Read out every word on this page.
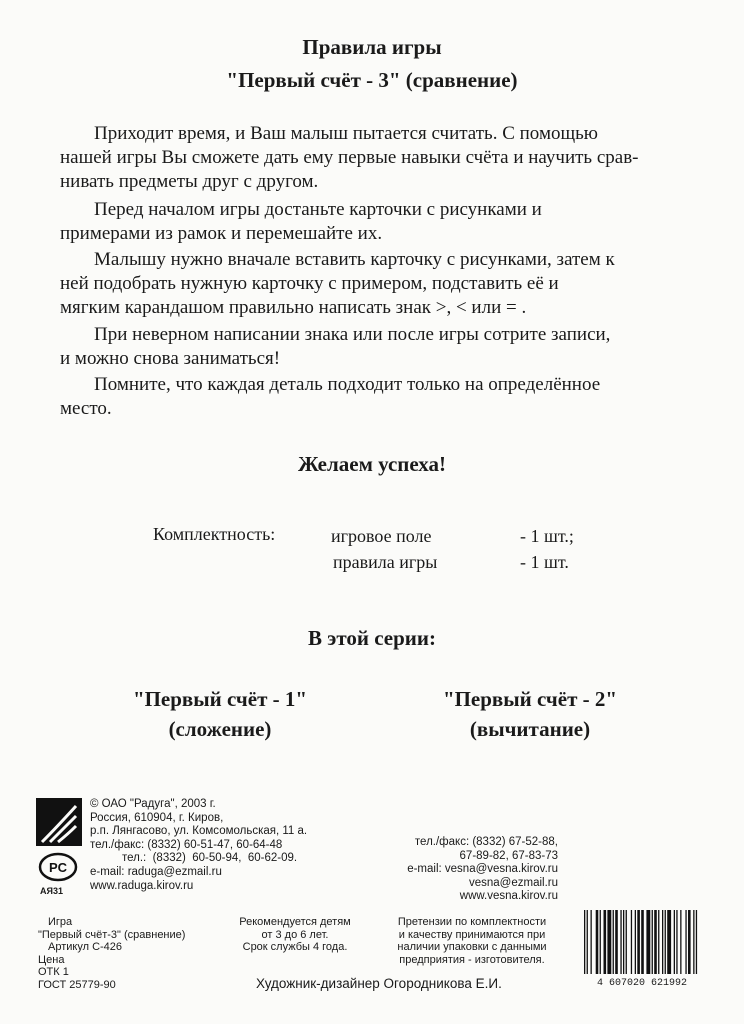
Правила игры
"Первый счёт - 3" (сравнение)
Приходит время, и Ваш малыш пытается считать. С помощью
нашей игры Вы сможете дать ему первые навыки счёта и научить срав-
нивать предметы друг с другом.
Перед началом игры достаньте карточки с рисунками и
примерами из рамок и перемешайте их.
Малышу нужно вначале вставить карточку с рисунками, затем к
ней подобрать нужную карточку с примером, подставить её и
мягким карандашом правильно написать знак >, < или = .
При неверном написании знака или после игры сотрите записи,
и можно снова заниматься!
Помните, что каждая деталь подходит только на определённое
место.
Желаем успеха!
Комплектность:	игровое поле	- 1 шт.;
правила игры	- 1 шт.
В этой серии:
"Первый счёт - 1"
(сложение)
"Первый счёт - 2"
(вычитание)
PC
АЯ31
© ОАО "Радуга", 2003 г.
Россия, 610904, г. Киров,
р.п. Лянгасово, ул. Комсомольская, 11 а.
тел./факс: (8332) 60-51-47, 60-64-48
тел.:  (8332)  60-50-94,  60-62-09.
e-mail: raduga@ezmail.ru
www.raduga.kirov.ru
тел./факс: (8332) 67-52-88,
67-89-82, 67-83-73
e-mail: vesna@vesna.kirov.ru
vesna@ezmail.ru
www.vesna.kirov.ru
Игра
"Первый счёт-3" (сравнение)
Артикул С-426
Цена
ОТК 1
ГОСТ 25779-90
Рекомендуется детям
от 3 до 6 лет.
Срок службы 4 года.
Претензии по комплектности
и качеству принимаются при
наличии упаковки с данными
предприятия - изготовителя.
Художник-дизайнер Огородникова Е.И.	4 607020 621992
